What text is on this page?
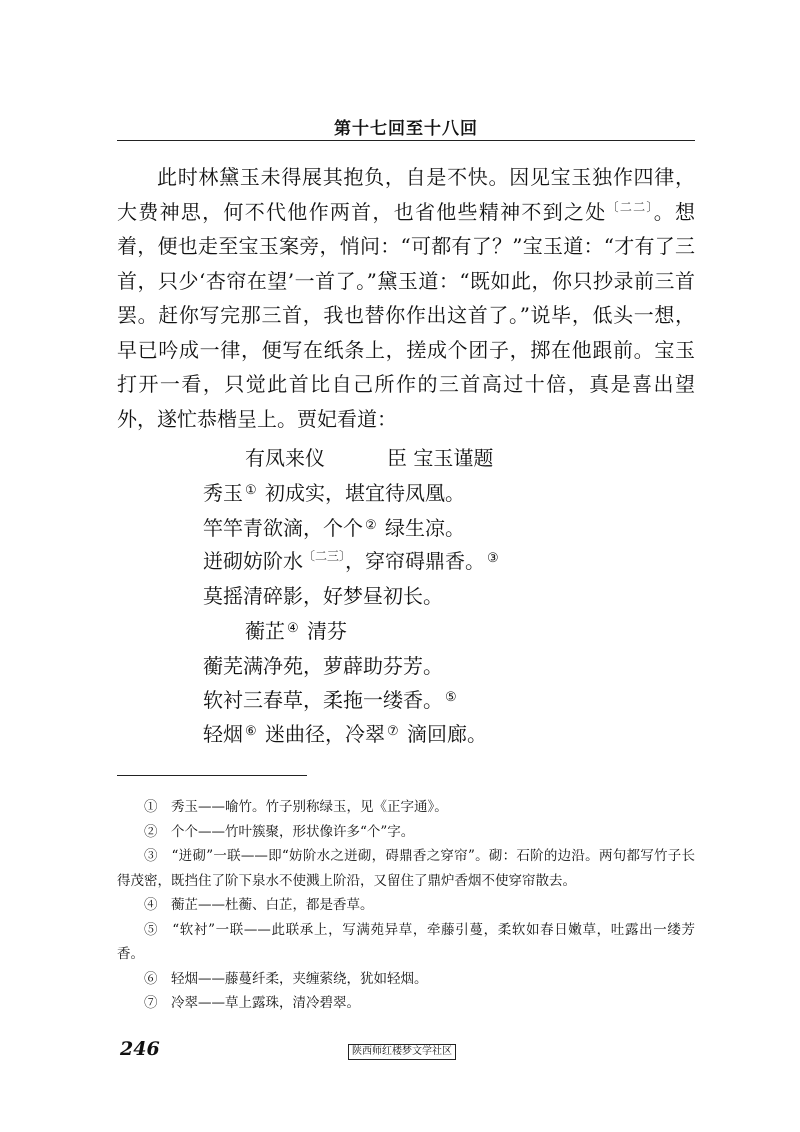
第十七回至十八回

此时林黛玉未得展其抱负，自是不快。因见宝玉独作四律，大费神思，何不代他作两首，也省他些精神不到之处$^{〔二二〕}$。想着，便也走至宝玉案旁，悄问：“可都有了？”宝玉道：“才有了三首，只少‘杏帘在望’一首了。”黛玉道：“既如此，你只抄录前三首罢。赶你写完那三首，我也替你作出这首了。”说毕，低头一想，早已吟成一律，便写在纸条上，搓成个团子，掷在他跟前。宝玉打开一看，只觉此首比自己所作的三首高过十倍，真是喜出望外，遂忙恭楷呈上。贾妃看道：

有凤来仪	臣 宝玉谨题
秀玉 ① 初成实，堪宜待凤凰。
竿竿青欲滴，个个 ② 绿生凉。
迸砌妨阶水$^{〔二三〕}$，穿帘碍鼎香。 ③
莫摇清碎影，好梦昼初长。
蘅芷 ④ 清芬
蘅芜满净苑，萝薜助芬芳。
软衬三春草，柔拖一缕香。 ⑤
轻烟 ⑥ 迷曲径，冷翠 ⑦ 滴回廊。

①　秀玉——喻竹。竹子别称绿玉，见《正字通》。

②　个个——竹叶簇聚，形状像许多“个”字。

③　“迸砌”一联——即“妨阶水之迸砌，碍鼎香之穿帘”。砌：石阶的边沿。两句都写竹子长得茂密，既挡住了阶下泉水不使溅上阶沿，又留住了鼎炉香烟不使穿帘散去。

④　蘅芷——杜蘅、白芷，都是香草。

⑤　“软衬”一联——此联承上，写满苑异草，牵藤引蔓，柔软如春日嫩草，吐露出一缕芳香。

⑥　轻烟——藤蔓纤柔，夹缠萦绕，犹如轻烟。

⑦　冷翠——草上露珠，清冷碧翠。

246	陕西师红楼梦文学社区
